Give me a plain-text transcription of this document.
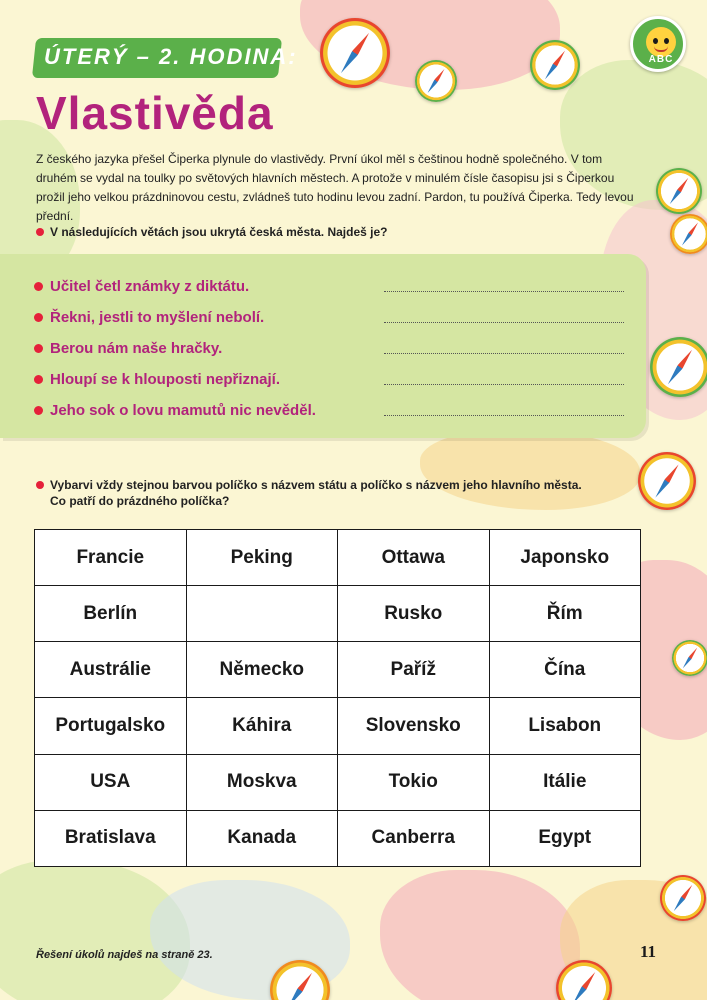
ABC
ÚTERÝ – 2. HODINA:
Vlastivěda

Z českého jazyka přešel Čiperka plynule do vlastivědy. První úkol měl s češtinou hodně společného. V tom druhém se vydal na toulky po světových hlavních městech. A protože v minulém čísle časopisu jsi s Čiperkou prožil jeho velkou prázdninovou cestu, zvládneš tuto hodinu levou zadní. Pardon, tu používá Čiperka. Tedy levou přední.

V následujících větách jsou ukrytá česká města. Najdeš je?
Učitel četl známky z diktátu.
Řekni, jestli to myšlení nebolí.
Berou nám naše hračky.
Hloupí se k hlouposti nepřiznají.
Jeho sok o lovu mamutů nic nevěděl.
Vybarvi vždy stejnou barvou políčko s názvem státu a políčko s názvem jeho hlavního města.
Co patří do prázdného políčka?
Francie	Peking	Ottawa	Japonsko
Berlín		Rusko	Řím
Austrálie	Německo	Paříž	Čína
Portugalsko	Káhira	Slovensko	Lisabon
USA	Moskva	Tokio	Itálie
Bratislava	Kanada	Canberra	Egypt
Řešení úkolů najdeš na straně 23.	11
